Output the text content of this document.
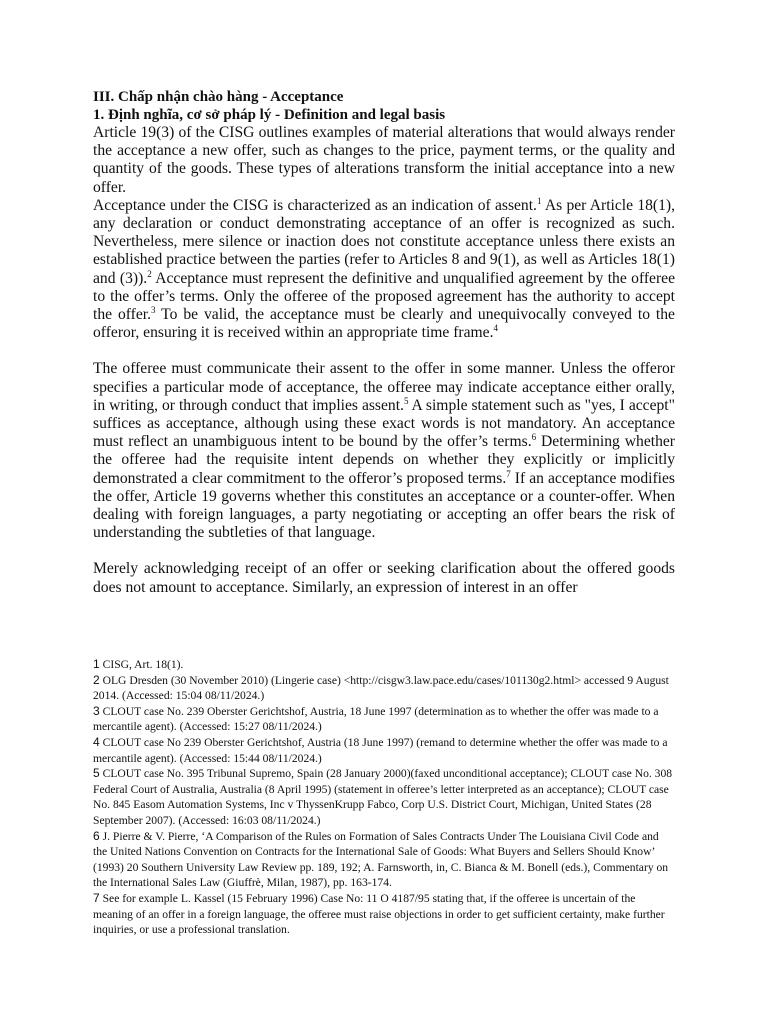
III. Chấp nhận chào hàng - Acceptance

1. Định nghĩa, cơ sở pháp lý - Definition and legal basis

Article 19(3) of the CISG outlines examples of material alterations that would always render the acceptance a new offer, such as changes to the price, payment terms, or the quality and quantity of the goods. These types of alterations transform the initial acceptance into a new offer.

Acceptance under the CISG is characterized as an indication of assent.$^1$ As per Article 18(1), any declaration or conduct demonstrating acceptance of an offer is recognized as such. Nevertheless, mere silence or inaction does not constitute acceptance unless there exists an established practice between the parties (refer to Articles 8 and 9(1), as well as Articles 18(1) and (3)).$^2$ Acceptance must represent the definitive and unqualified agreement by the offeree to the offer’s terms. Only the offeree of the proposed agreement has the authority to accept the offer.$^3$ To be valid, the acceptance must be clearly and unequivocally conveyed to the offeror, ensuring it is received within an appropriate time frame.$^4$

The offeree must communicate their assent to the offer in some manner. Unless the offeror specifies a particular mode of acceptance, the offeree may indicate acceptance either orally, in writing, or through conduct that implies assent.$^5$ A simple statement such as "yes, I accept" suffices as acceptance, although using these exact words is not mandatory. An acceptance must reflect an unambiguous intent to be bound by the offer’s terms.$^6$ Determining whether the offeree had the requisite intent depends on whether they explicitly or implicitly demonstrated a clear commitment to the offeror’s proposed terms.$^7$ If an acceptance modifies the offer, Article 19 governs whether this constitutes an acceptance or a counter-offer. When dealing with foreign languages, a party negotiating or accepting an offer bears the risk of understanding the subtleties of that language.

Merely acknowledging receipt of an offer or seeking clarification about the offered goods does not amount to acceptance. Similarly, an expression of interest in an offer

1 CISG, Art. 18(1).

2 OLG Dresden (30 November 2010) (Lingerie case) <http://cisgw3.law.pace.edu/cases/101130g2.html> accessed 9 August 2014. (Accessed: 15:04 08/11/2024.)

3 CLOUT case No. 239 Oberster Gerichtshof, Austria, 18 June 1997 (determination as to whether the offer was made to a mercantile agent). (Accessed: 15:27 08/11/2024.)

4 CLOUT case No 239 Oberster Gerichtshof, Austria (18 June 1997) (remand to determine whether the offer was made to a mercantile agent). (Accessed: 15:44 08/11/2024.)

5 CLOUT case No. 395 Tribunal Supremo, Spain (28 January 2000)(faxed unconditional acceptance); CLOUT case No. 308 Federal Court of Australia, Australia (8 April 1995) (statement in offeree’s letter interpreted as an acceptance); CLOUT case No. 845 Easom Automation Systems, Inc v ThyssenKrupp Fabco, Corp U.S. District Court, Michigan, United States (28 September 2007). (Accessed: 16:03 08/11/2024.)

6 J. Pierre & V. Pierre, ‘A Comparison of the Rules on Formation of Sales Contracts Under The Louisiana Civil Code and the United Nations Convention on Contracts for the International Sale of Goods: What Buyers and Sellers Should Know’ (1993) 20 Southern University Law Review pp. 189, 192; A. Farnsworth, in, C. Bianca & M. Bonell (eds.), Commentary on the International Sales Law (Giuffrè, Milan, 1987), pp. 163-174.

7 See for example L. Kassel (15 February 1996) Case No: 11 O 4187/95 stating that, if the offeree is uncertain of the meaning of an offer in a foreign language, the offeree must raise objections in order to get sufficient certainty, make further inquiries, or use a professional translation.
